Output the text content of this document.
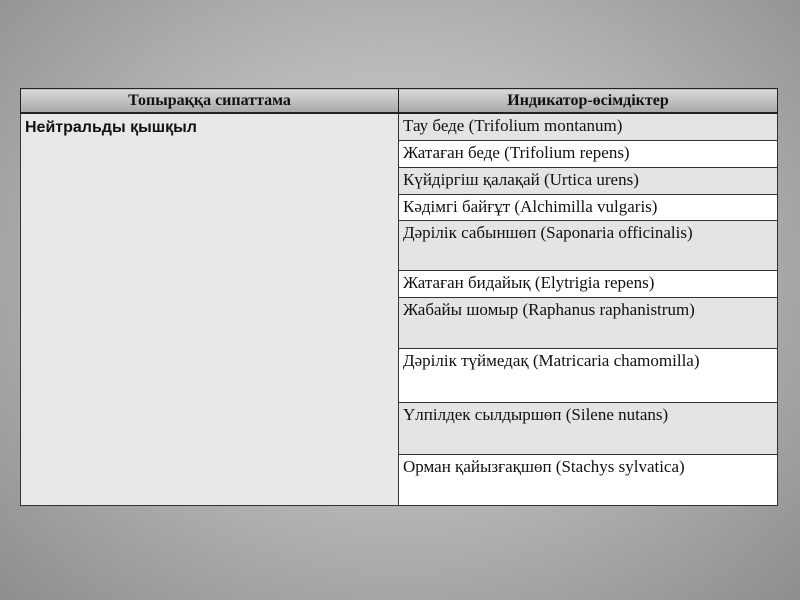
Топыраққа сипаттама	Индикатор-өсімдіктер
Нейтральды қышқыл	Тау беде (Trifolium montanum)
	Жатаған беде (Trifolium repens)
	Күйдіргіш қалақай (Urtica urens)
	Кәдімгі байғұт (Alchimilla vulgaris)
	Дәрілік сабыншөп (Saponaria officinalis)
	Жатаған бидайық (Elytrigia repens)
	Жабайы шомыр (Raphanus raphanistrum)
	Дәрілік түймедақ (Matricaria chamomilla)
	Үлпілдек сылдыршөп (Silene nutans)
	Орман қайызғақшөп (Stachys sylvatica)
